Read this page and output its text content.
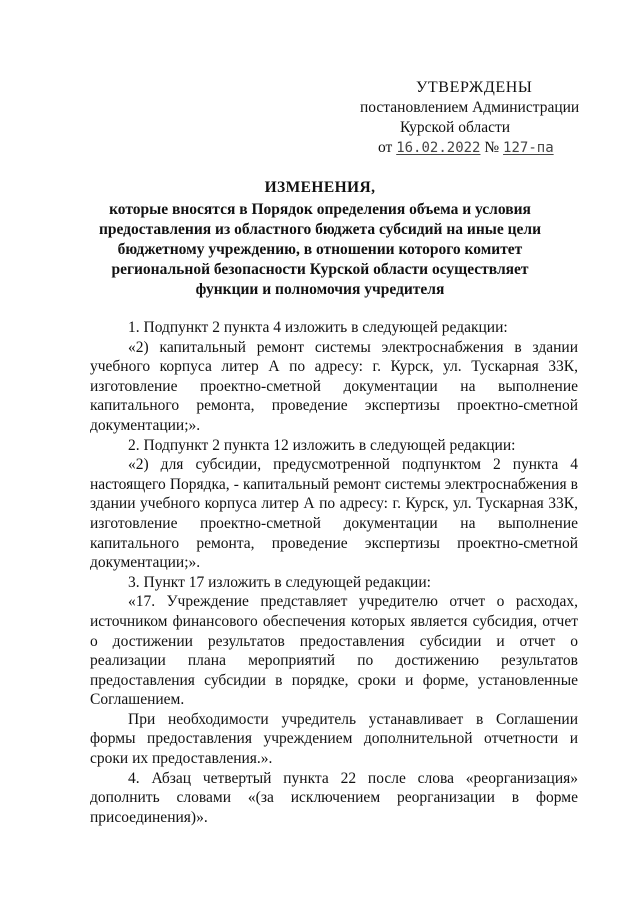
УТВЕРЖДЕНЫ
постановлением Администрации
Курской области
от 16.02.2022 № 127-па
ИЗМЕНЕНИЯ,
которые вносятся в Порядок определения объема и условия
предоставления из областного бюджета субсидий на иные цели
бюджетному учреждению, в отношении которого комитет
региональной безопасности Курской области осуществляет
функции и полномочия учредителя

1. Подпункт 2 пункта 4 изложить в следующей редакции:

«2) капитальный ремонт системы электроснабжения в здании учебного корпуса литер А по адресу: г. Курск, ул. Тускарная 33К, изготовление проектно-сметной документации на выполнение капитального ремонта, проведение экспертизы проектно-сметной документации;».

2. Подпункт 2 пункта 12 изложить в следующей редакции:

«2) для субсидии, предусмотренной подпунктом 2 пункта 4 настоящего Порядка, - капитальный ремонт системы электроснабжения в здании учебного корпуса литер А по адресу: г. Курск, ул. Тускарная 33К, изготовление проектно-сметной документации на выполнение капитального ремонта, проведение экспертизы проектно-сметной документации;».

3. Пункт 17 изложить в следующей редакции:

«17. Учреждение представляет учредителю отчет о расходах, источником финансового обеспечения которых является субсидия, отчет о достижении результатов предоставления субсидии и отчет о реализации плана мероприятий по достижению результатов предоставления субсидии в порядке, сроки и форме, установленные Соглашением.

При необходимости учредитель устанавливает в Соглашении формы предоставления учреждением дополнительной отчетности и сроки их предоставления.».

4. Абзац четвертый пункта 22 после слова «реорганизация» дополнить словами «(за исключением реорганизации в форме присоединения)».
